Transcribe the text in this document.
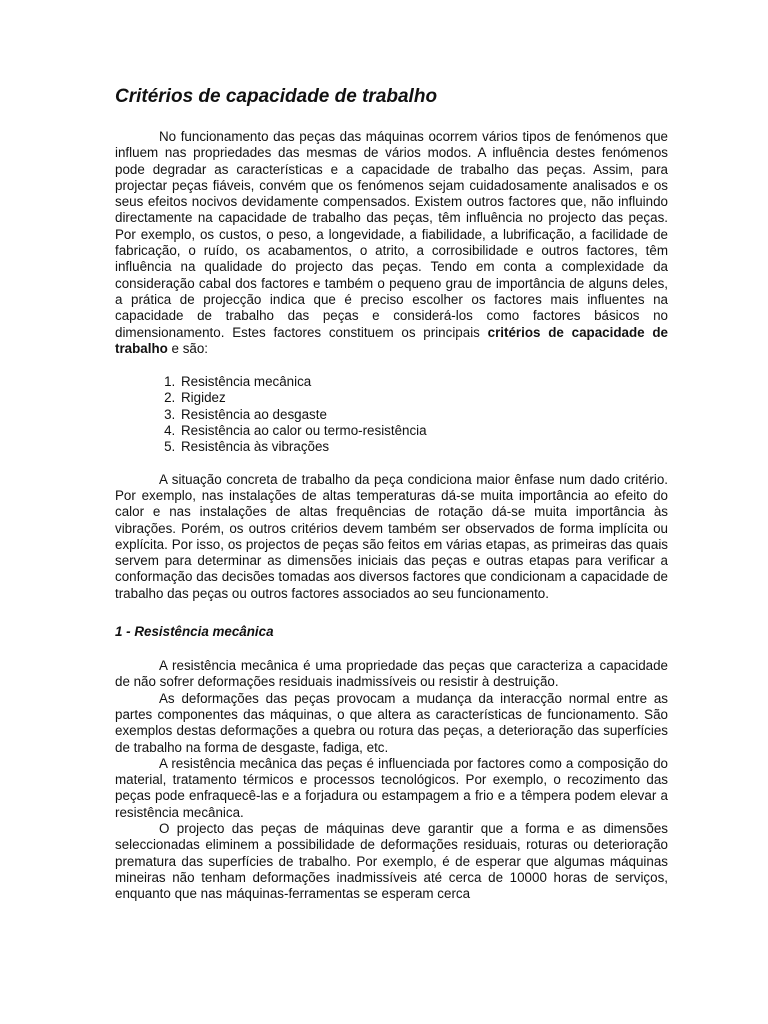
Critérios de capacidade de trabalho

No funcionamento das peças das máquinas ocorrem vários tipos de fenómenos que influem nas propriedades das mesmas de vários modos. A influência destes fenómenos pode degradar as características e a capacidade de trabalho das peças. Assim, para projectar peças fiáveis, convém que os fenómenos sejam cuidadosamente analisados e os seus efeitos nocivos devidamente compensados. Existem outros factores que, não influindo directamente na capacidade de trabalho das peças, têm influência no projecto das peças. Por exemplo, os custos, o peso, a longevidade, a fiabilidade, a lubrificação, a facilidade de fabricação, o ruído, os acabamentos, o atrito, a corrosibilidade e outros factores, têm influência na qualidade do projecto das peças. Tendo em conta a complexidade da consideração cabal dos factores e também o pequeno grau de importância de alguns deles, a prática de projecção indica que é preciso escolher os factores mais influentes na capacidade de trabalho das peças e considerá-los como factores básicos no dimensionamento. Estes factores constituem os principais critérios de capacidade de trabalho e são:

1. Resistência mecânica
2. Rigidez
3. Resistência ao desgaste
4. Resistência ao calor ou termo-resistência
5. Resistência às vibrações

A situação concreta de trabalho da peça condiciona maior ênfase num dado critério. Por exemplo, nas instalações de altas temperaturas dá-se muita importância ao efeito do calor e nas instalações de altas frequências de rotação dá-se muita importância às vibrações. Porém, os outros critérios devem também ser observados de forma implícita ou explícita. Por isso, os projectos de peças são feitos em várias etapas, as primeiras das quais servem para determinar as dimensões iniciais das peças e outras etapas para verificar a conformação das decisões tomadas aos diversos factores que condicionam a capacidade de trabalho das peças ou outros factores associados ao seu funcionamento.

1 - Resistência mecânica

A resistência mecânica é uma propriedade das peças que caracteriza a capacidade de não sofrer deformações residuais inadmissíveis ou resistir à destruição.

As deformações das peças provocam a mudança da interacção normal entre as partes componentes das máquinas, o que altera as características de funcionamento. São exemplos destas deformações a quebra ou rotura das peças, a deterioração das superfícies de trabalho na forma de desgaste, fadiga, etc.

A resistência mecânica das peças é influenciada por factores como a composição do material, tratamento térmicos e processos tecnológicos. Por exemplo, o recozimento das peças pode enfraquecê-las e a forjadura ou estampagem a frio e a têmpera podem elevar a resistência mecânica.

O projecto das peças de máquinas deve garantir que a forma e as dimensões seleccionadas eliminem a possibilidade de deformações residuais, roturas ou deterioração prematura das superfícies de trabalho. Por exemplo, é de esperar que algumas máquinas mineiras não tenham deformações inadmissíveis até cerca de 10000 horas de serviços, enquanto que nas máquinas-ferramentas se esperam cerca
